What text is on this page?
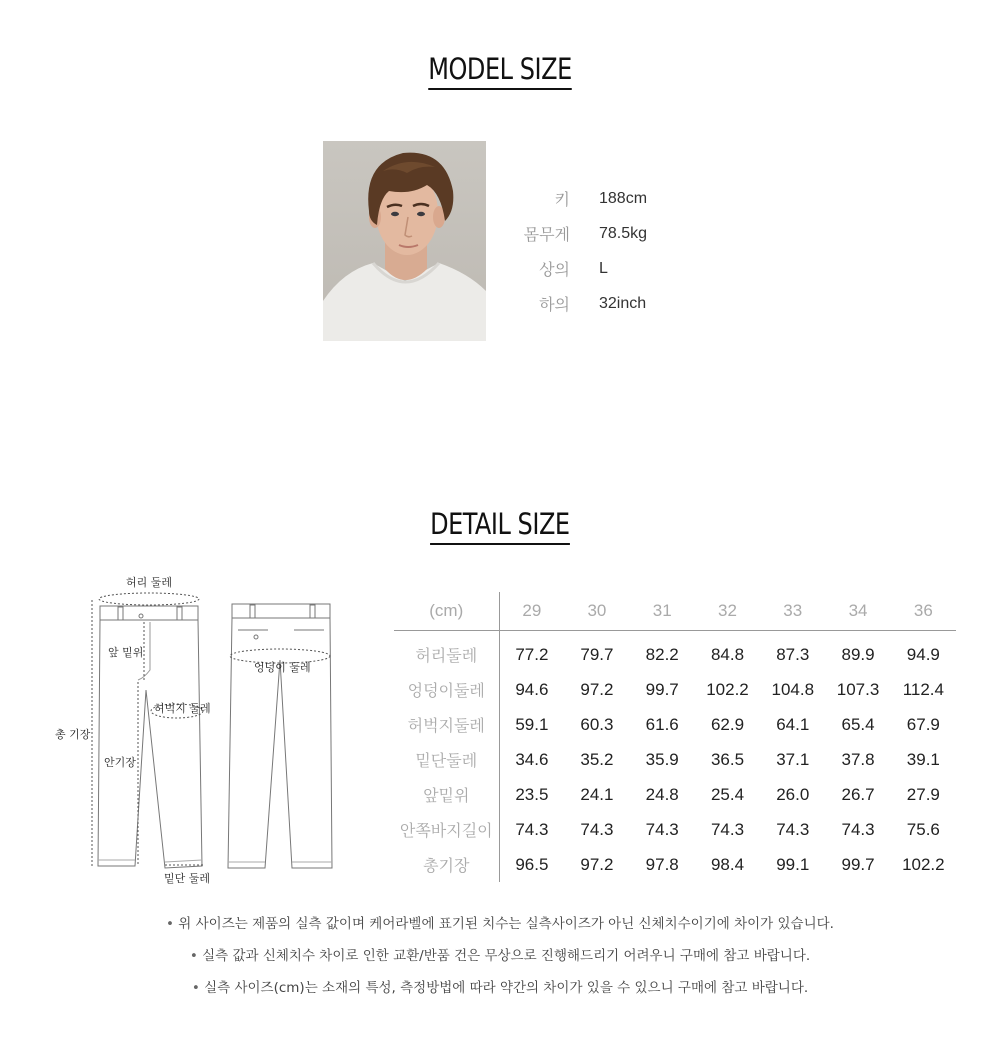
MODEL SIZE
키 188cm
몸무게 78.5kg
상의 L
하의 32inch
DETAIL SIZE
허리 둘레
앞 밑위
허벅지 둘레
총 기장
안기장
밑단 둘레
엉덩이 둘레
(cm)	29	30	31	32	33	34	36
허리둘레	77.2	79.7	82.2	84.8	87.3	89.9	94.9
엉덩이둘레	94.6	97.2	99.7	102.2	104.8	107.3	112.4
허벅지둘레	59.1	60.3	61.6	62.9	64.1	65.4	67.9
밑단둘레	34.6	35.2	35.9	36.5	37.1	37.8	39.1
앞밑위	23.5	24.1	24.8	25.4	26.0	26.7	27.9
안쪽바지길이	74.3	74.3	74.3	74.3	74.3	74.3	75.6
총기장	96.5	97.2	97.8	98.4	99.1	99.7	102.2
• 위 사이즈는 제품의 실측 값이며 케어라벨에 표기된 치수는 실측사이즈가 아닌 신체치수이기에 차이가 있습니다.
• 실측 값과 신체치수 차이로 인한 교환/반품 건은 무상으로 진행해드리기 어려우니 구매에 참고 바랍니다.
• 실측 사이즈(cm)는 소재의 특성, 측정방법에 따라 약간의 차이가 있을 수 있으니 구매에 참고 바랍니다.
